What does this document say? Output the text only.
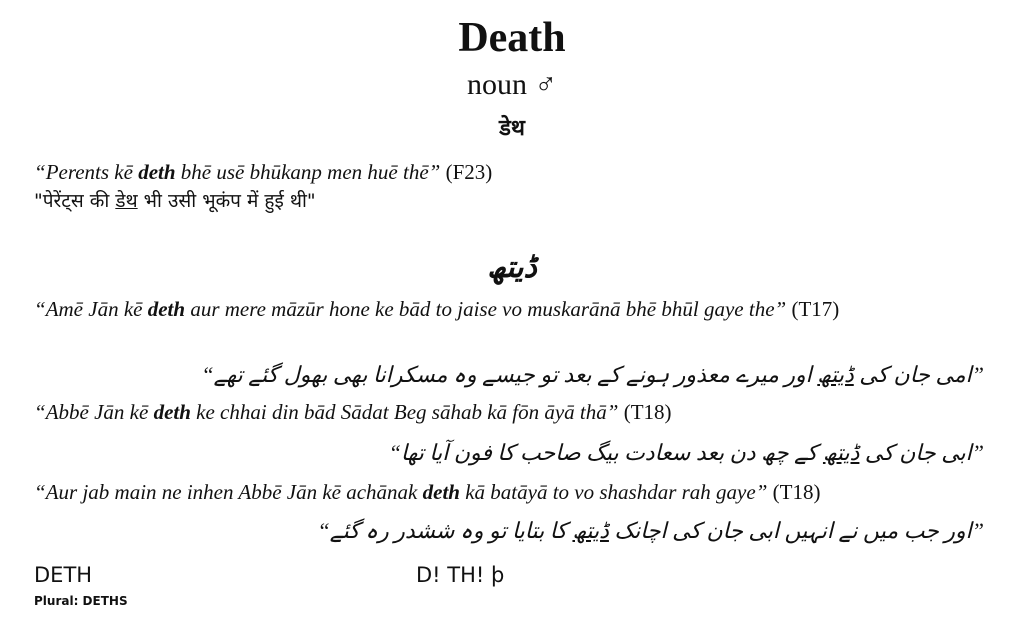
Death
noun ♂
डेथ
“Perents kē deth bhē usē bhūkanp men huē thē” (F23)
"पेरेंट्स की डेथ भी उसी भूकंप में हुई थी"
ڈیتھ
“Amē Jān kē deth aur mere māzūr hone ke bād to jaise vo muskarānā bhē bhūl gaye the” (T17)
”امی جان کی ڈیتھ اور میرے معذور ہونے کے بعد تو جیسے وہ مسکرانا بھی بھول گئے تھے“
“Abbē Jān kē deth ke chhai din bād Sādat Beg sāhab kā fōn āyā thā” (T18)
”ابی جان کی ڈیتھ کے چھ دن بعد سعادت بیگ صاحب کا فون آیا تھا“
“Aur jab main ne inhen Abbē Jān kē achānak deth kā batāyā to vo shashdar rah gaye” (T18)
”اور جب میں نے انہیں ابی جان کی اچانک ڈیتھ کا بتایا تو وہ ششدر رہ گئے“
DETH	D! TH! þ
Plural: DETHS
